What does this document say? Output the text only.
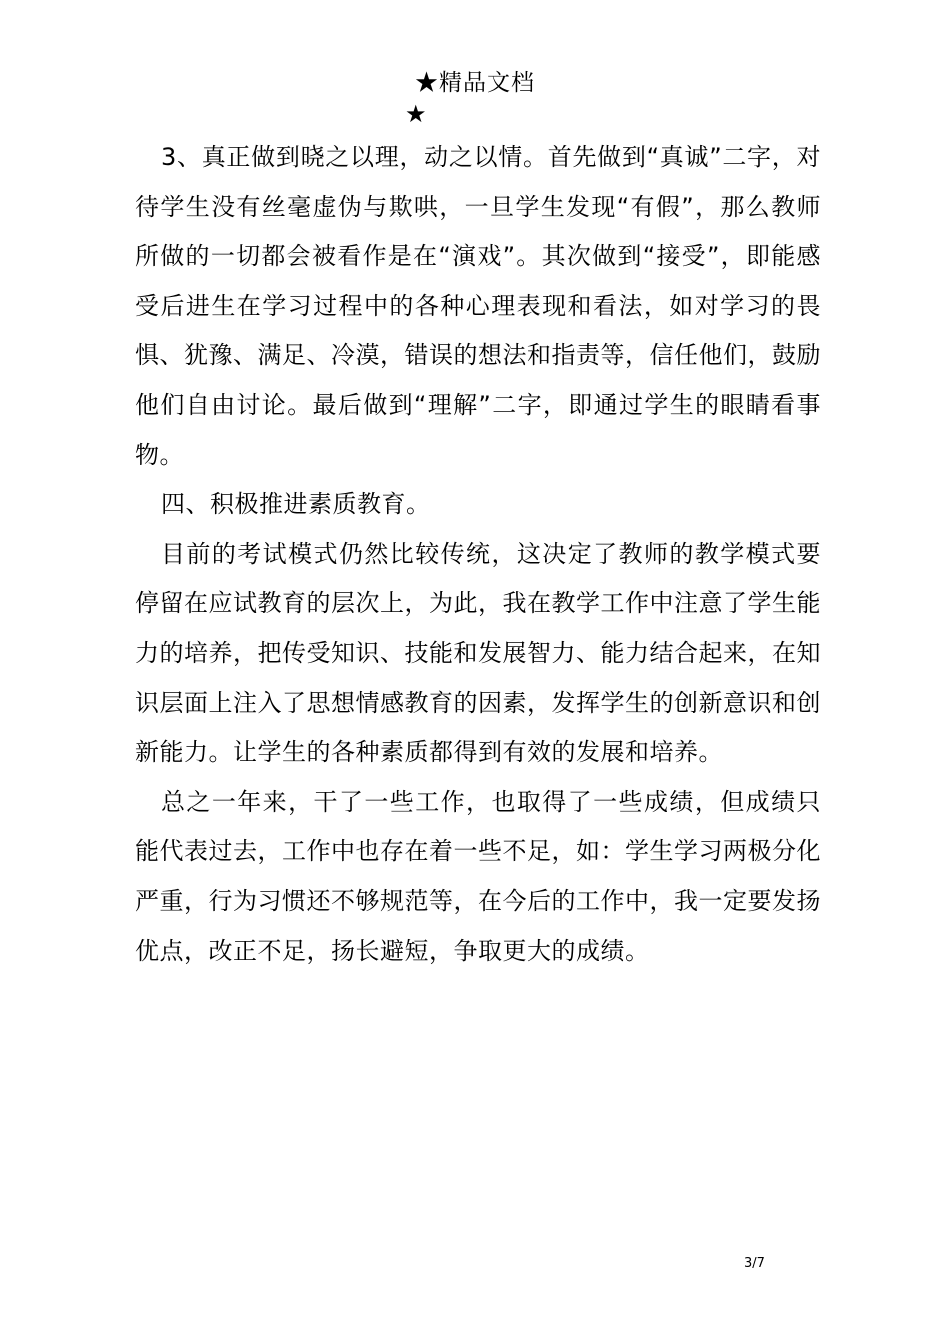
★精品文档
★

3、真正做到晓之以理，动之以情。首先做到“真诚”二字，对待学生没有丝毫虚伪与欺哄，一旦学生发现“有假”，那么教师所做的一切都会被看作是在“演戏”。其次做到“接受”，即能感受后进生在学习过程中的各种心理表现和看法，如对学习的畏惧、犹豫、满足、冷漠，错误的想法和指责等，信任他们，鼓励他们自由讨论。最后做到“理解”二字，即通过学生的眼睛看事物。

四、积极推进素质教育。

目前的考试模式仍然比较传统，这决定了教师的教学模式要停留在应试教育的层次上，为此，我在教学工作中注意了学生能力的培养，把传受知识、技能和发展智力、能力结合起来，在知识层面上注入了思想情感教育的因素，发挥学生的创新意识和创新能力。让学生的各种素质都得到有效的发展和培养。

总之一年来，干了一些工作，也取得了一些成绩，但成绩只能代表过去，工作中也存在着一些不足，如：学生学习两极分化严重，行为习惯还不够规范等，在今后的工作中，我一定要发扬优点，改正不足，扬长避短，争取更大的成绩。

3/7
